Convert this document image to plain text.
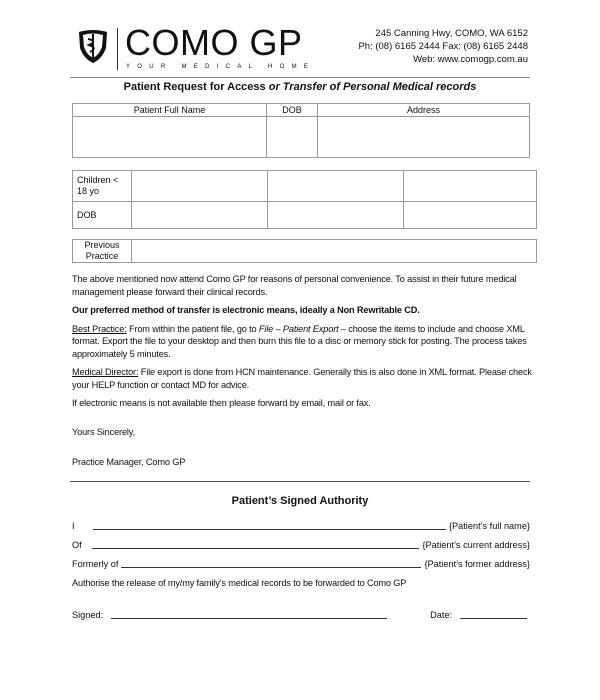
COMO GP
YOUR MEDICAL HOME
245 Canning Hwy, COMO, WA 6152
Ph: (08) 6165 2444 Fax: (08) 6165 2448
Web: www.comogp.com.au
Patient Request for Access or Transfer of Personal Medical records
Patient Full Name	DOB	Address

Children < 18 yo			
DOB			
Previous Practice	

The above mentioned now attend Como GP for reasons of personal convenience. To assist in their future medical management please forward their clinical records.

Our preferred method of transfer is electronic means, ideally a Non Rewritable CD.

Best Practice: From within the patient file, go to File – Patient Export – choose the items to include and choose XML format. Export the file to your desktop and then burn this file to a disc or memory stick for posting. The process takes approximately 5 minutes.

Medical Director: File export is done from HCN maintenance. Generally this is also done in XML format. Please check your HELP function or contact MD for advice.

If electronic means is not available then please forward by email, mail or fax.

Yours Sincerely,

Practice Manager, Como GP

Patient’s Signed Authority
I	{Patient’s full name}
Of	{Patient’s current address}
Formerly of	{Patient’s former address}

Authorise the release of my/my family’s medical records to be forwarded to Como GP

Signed:	Date:
